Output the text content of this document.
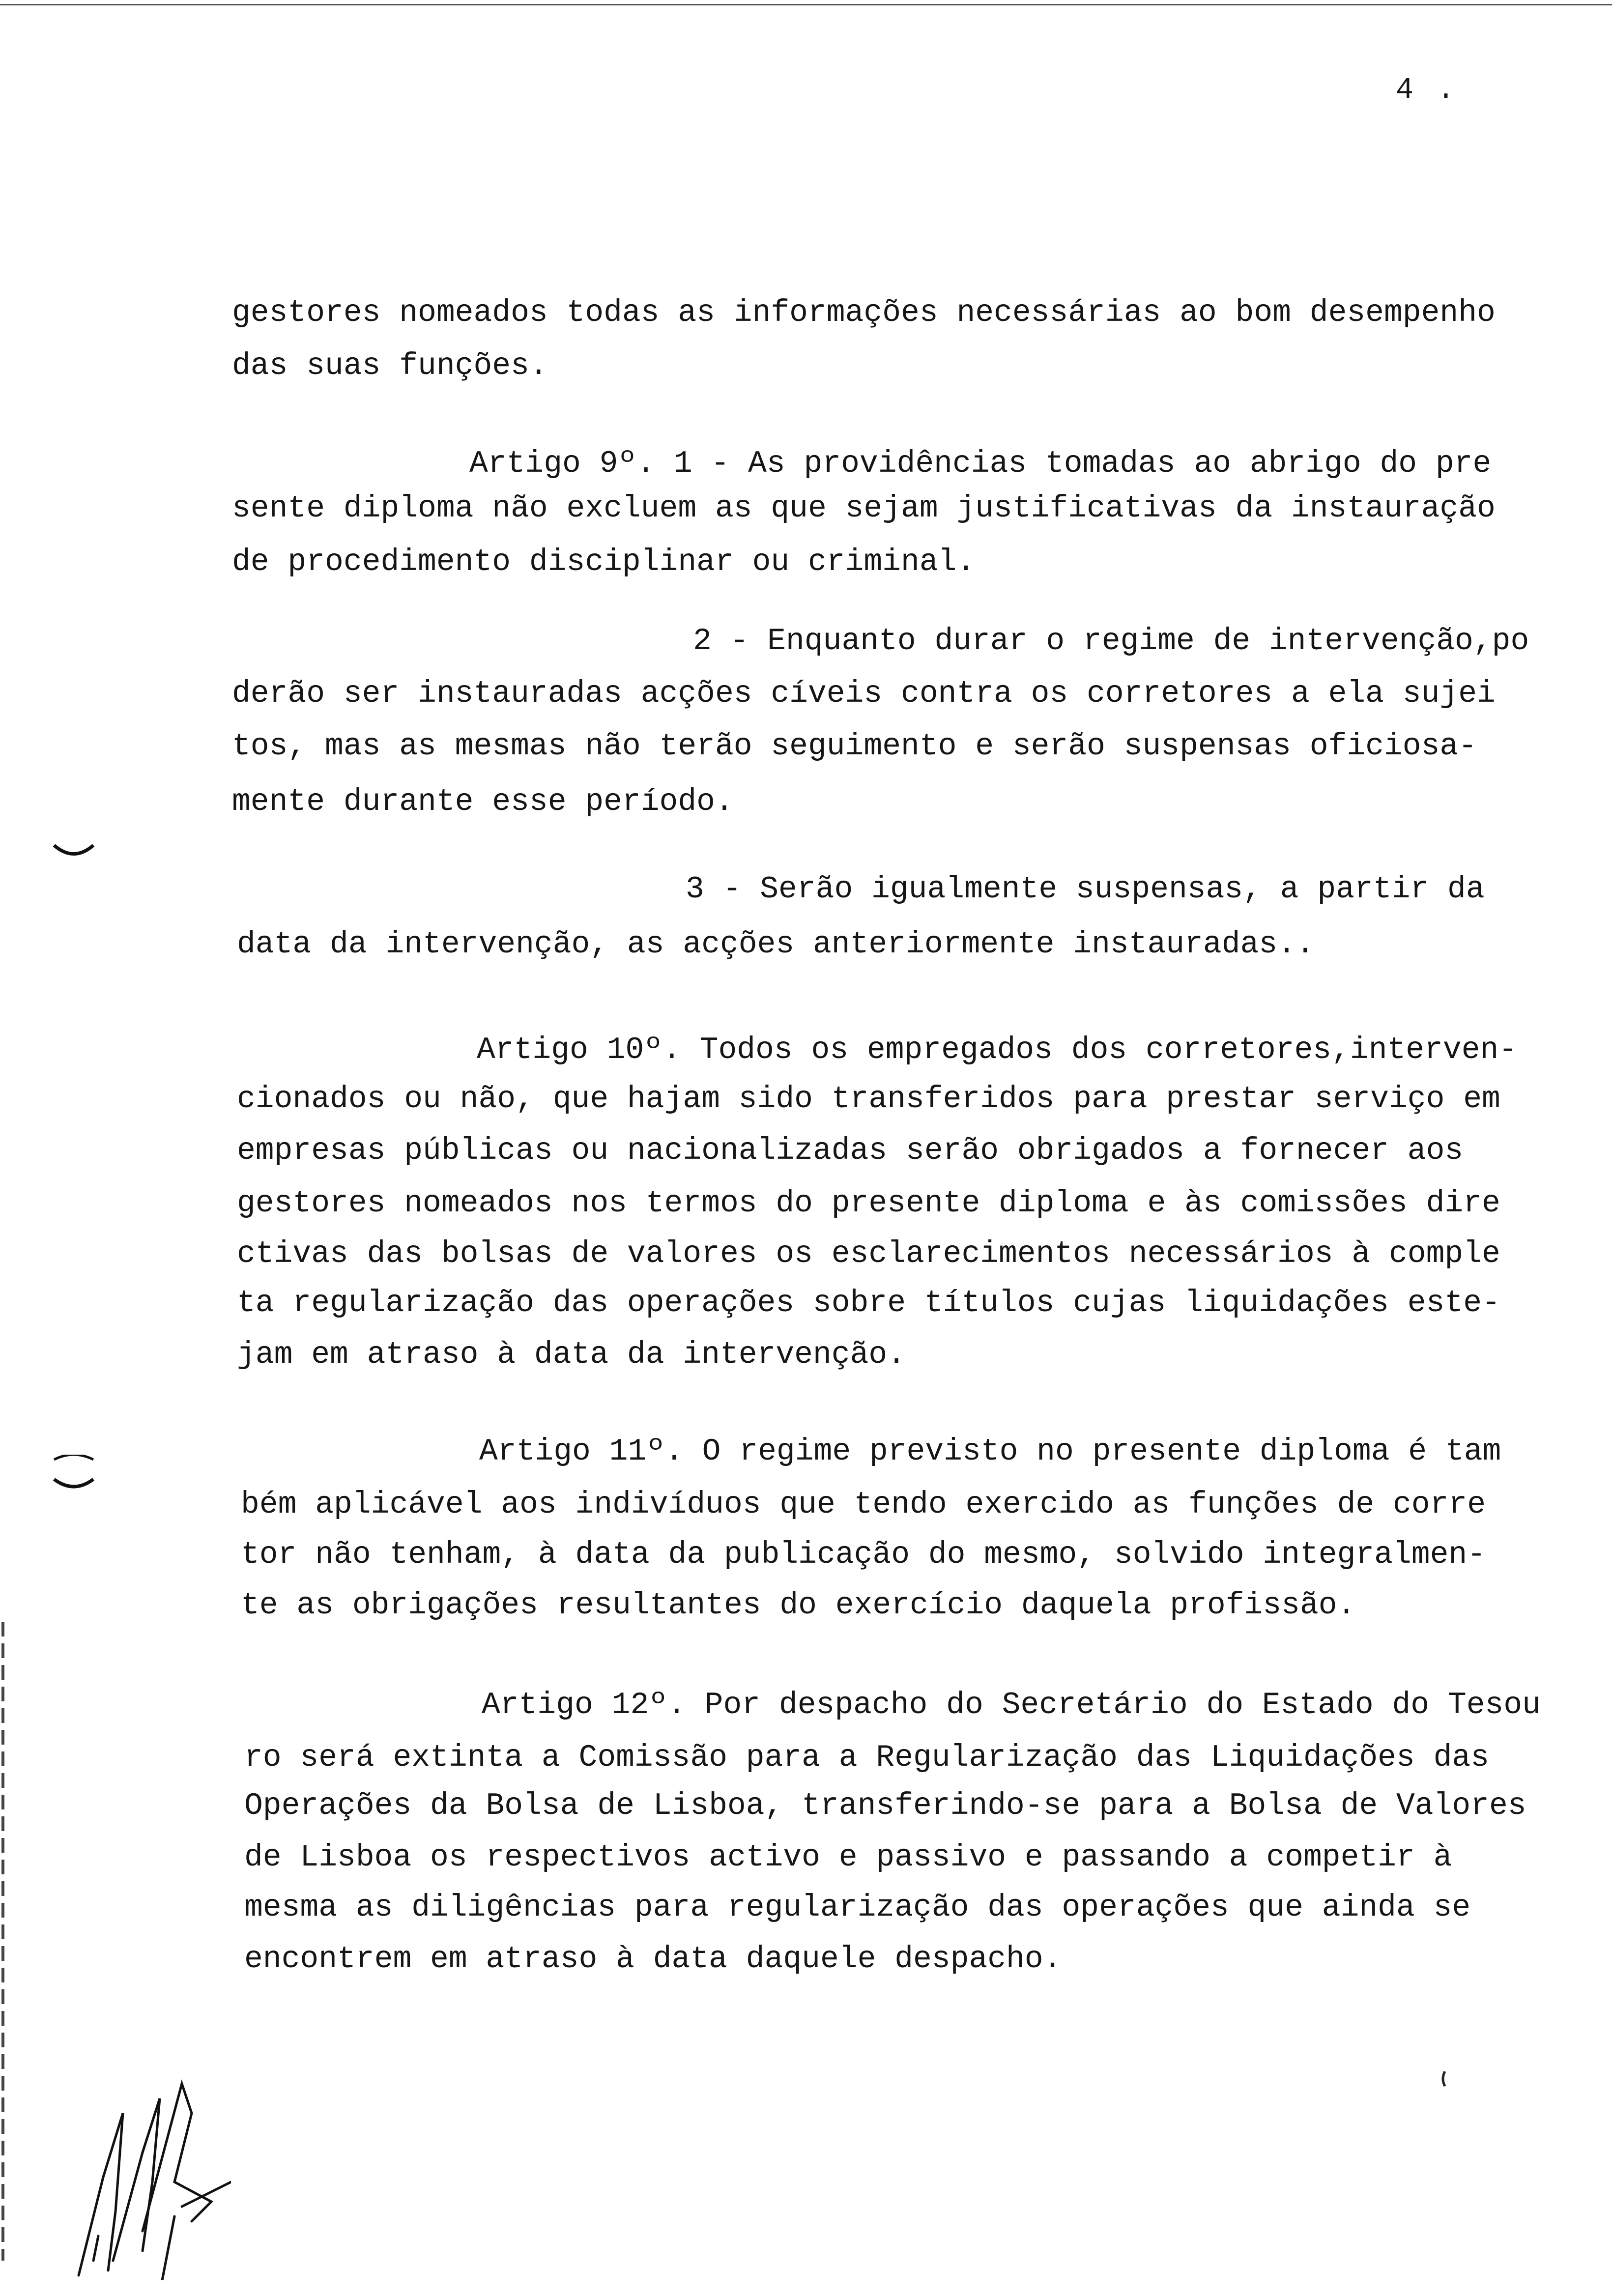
4 .
gestores nomeados todas as informações necessárias ao bom desempenho
das suas funções.
Artigo 9º. 1 - As providências tomadas ao abrigo do pre
sente diploma não excluem as que sejam justificativas da instauração
de procedimento disciplinar ou criminal.
2 - Enquanto durar o regime de intervenção,po
derão ser instauradas acções cíveis contra os corretores a ela sujei
tos, mas as mesmas não terão seguimento e serão suspensas oficiosa-
mente durante esse período.
3 - Serão igualmente suspensas, a partir da
data da intervenção, as acções anteriormente instauradas..
Artigo 10º. Todos os empregados dos corretores,interven-
cionados ou não, que hajam sido transferidos para prestar serviço em
empresas públicas ou nacionalizadas serão obrigados a fornecer aos
gestores nomeados nos termos do presente diploma e às comissões dire
ctivas das bolsas de valores os esclarecimentos necessários à comple
ta regularização das operações sobre títulos cujas liquidações este-
jam em atraso à data da intervenção.
Artigo 11º. O regime previsto no presente diploma é tam
bém aplicável aos indivíduos que tendo exercido as funções de corre
tor não tenham, à data da publicação do mesmo, solvido integralmen-
te as obrigações resultantes do exercício daquela profissão.
Artigo 12º. Por despacho do Secretário do Estado do Tesou
ro será extinta a Comissão para a Regularização das Liquidações das
Operações da Bolsa de Lisboa, transferindo-se para a Bolsa de Valores
de Lisboa os respectivos activo e passivo e passando a competir à
mesma as diligências para regularização das operações que ainda se
encontrem em atraso à data daquele despacho.
